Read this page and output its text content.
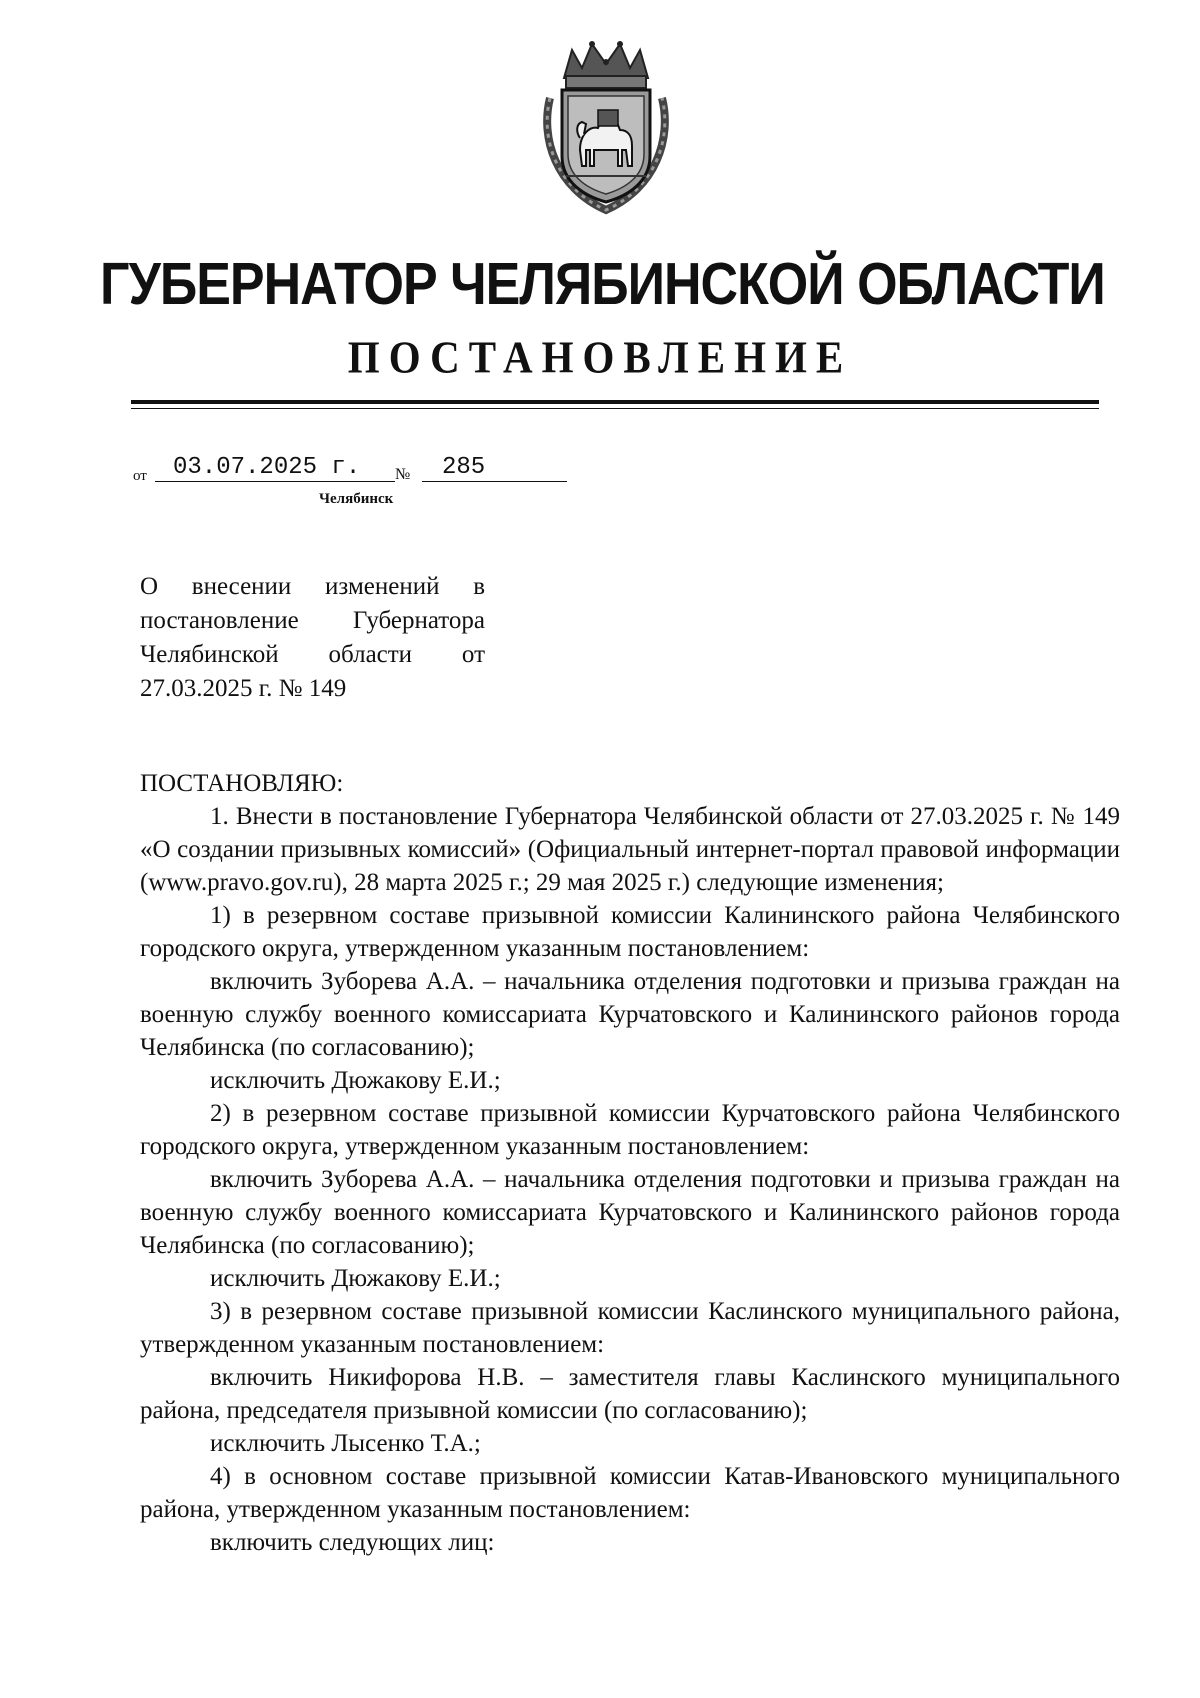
ГУБЕРНАТОР ЧЕЛЯБИНСКОЙ ОБЛАСТИ
ПОСТАНОВЛЕНИЕ
от	03.07.2025 г.	№	285
Челябинск
О внесении изменений в постановление Губернатора Челябинской области от 27.03.2025 г. № 149

ПОСТАНОВЛЯЮ:

1. Внести в постановление Губернатора Челябинской области от 27.03.2025 г. № 149 «О создании призывных комиссий» (Официальный интернет-портал правовой информации (www.pravo.gov.ru), 28 марта 2025 г.; 29 мая 2025 г.) следующие изменения;

1) в резервном составе призывной комиссии Калининского района Челябинского городского округа, утвержденном указанным постановлением:

включить Зуборева А.А. – начальника отделения подготовки и призыва граждан на военную службу военного комиссариата Курчатовского и Калининского районов города Челябинска (по согласованию);

исключить Дюжакову Е.И.;

2) в резервном составе призывной комиссии Курчатовского района Челябинского городского округа, утвержденном указанным постановлением:

включить Зуборева А.А. – начальника отделения подготовки и призыва граждан на военную службу военного комиссариата Курчатовского и Калининского районов города Челябинска (по согласованию);

исключить Дюжакову Е.И.;

3) в резервном составе призывной комиссии Каслинского муниципального района, утвержденном указанным постановлением:

включить Никифорова Н.В. – заместителя главы Каслинского муниципального района, председателя призывной комиссии (по согласованию);

исключить Лысенко Т.А.;

4) в основном составе призывной комиссии Катав-Ивановского муниципального района, утвержденном указанным постановлением:

включить следующих лиц:
